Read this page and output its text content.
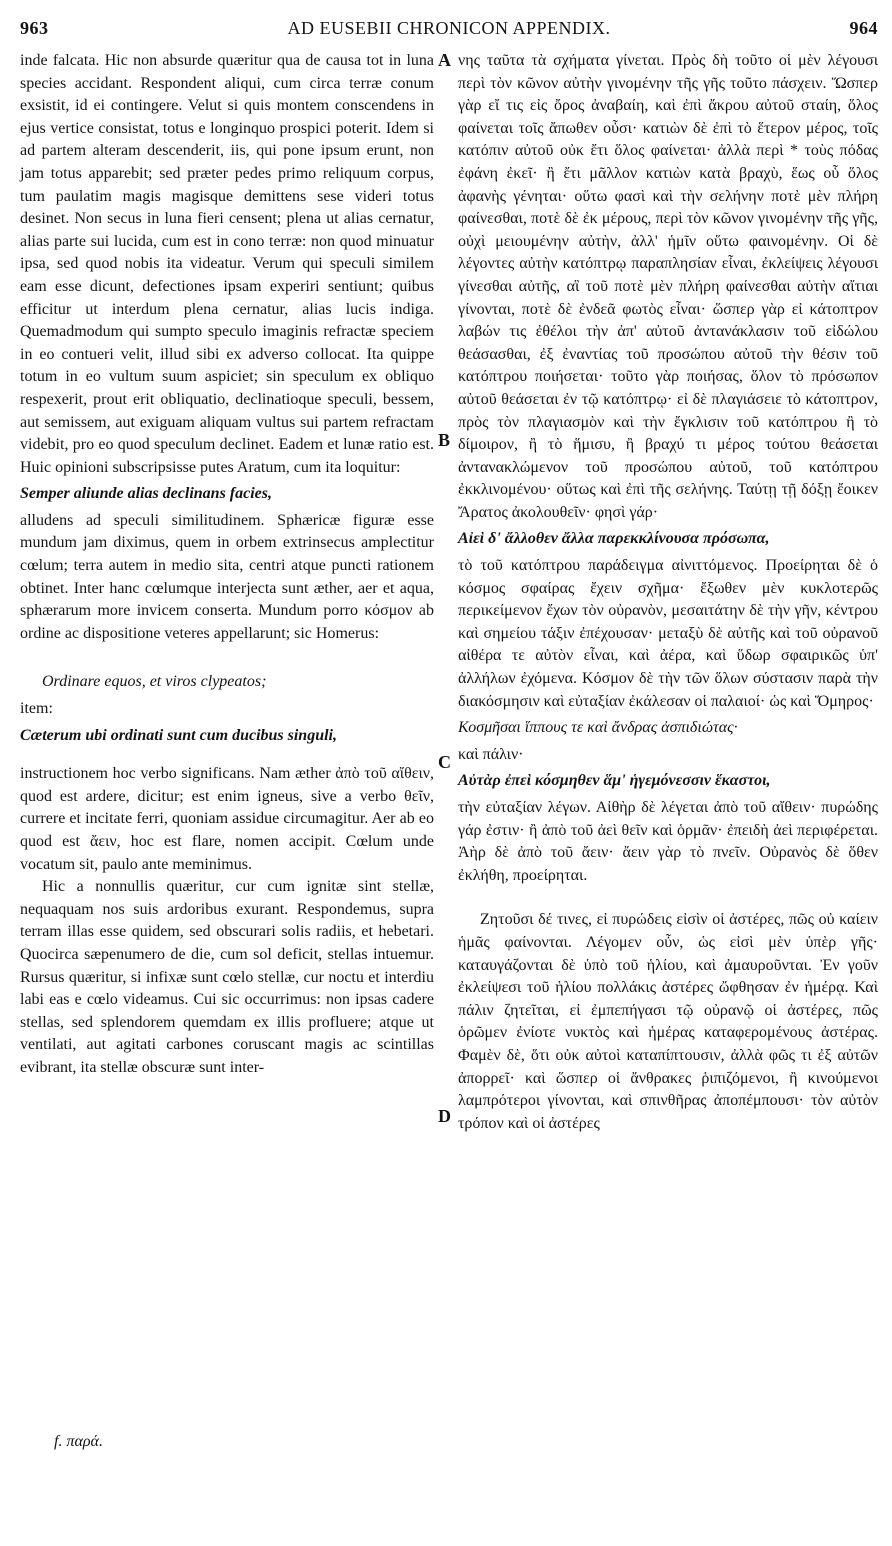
963	AD EUSEBII CHRONICON APPENDIX.	964

inde falcata. Hic non absurde quæritur qua de causa tot in luna species accidant. Respondent aliqui, cum circa terræ conum exsistit, id ei contingere. Velut si quis montem conscendens in ejus vertice consistat, totus e longinquo prospici poterit. Idem si ad partem alteram descenderit, iis, qui pone ipsum erunt, non jam totus apparebit; sed præter pedes primo reliquum corpus, tum paulatim magis magisque demittens sese videri totus desinet. Non secus in luna fieri censent; plena ut alias cernatur, alias parte sui lucida, cum est in cono terræ: non quod minuatur ipsa, sed quod nobis ita videatur. Verum qui speculi similem eam esse dicunt, defectiones ipsam experiri sentiunt; quibus efficitur ut interdum plena cernatur, alias lucis indiga. Quemadmodum qui sumpto speculo imaginis refractæ speciem in eo contueri velit, illud sibi ex adverso collocat. Ita quippe totum in eo vultum suum aspiciet; sin speculum ex obliquo respexerit, prout erit obliquatio, declinatioque speculi, bessem, aut semissem, aut exiguam aliquam vultus sui partem refractam videbit, pro eo quod speculum declinet. Eadem et lunæ ratio est. Huic opinioni subscripsisse putes Aratum, cum ita loquitur:

Semper aliunde alias declinans facies,

alludens ad speculi similitudinem. Sphæricæ figuræ esse mundum jam diximus, quem in orbem extrinsecus amplectitur cœlum; terra autem in medio sita, centri atque puncti rationem obtinet. Inter hanc cœlumque interjecta sunt æther, aer et aqua, sphærarum more invicem conserta. Mundum porro κόσμον ab ordine ac dispositione veteres appellarunt; sic Homerus:

Ordinare equos, et viros clypeatos;

item:

Cæterum ubi ordinati sunt cum ducibus singuli,

instructionem hoc verbo significans. Nam æther ἀπὸ τοῦ αἴθειν, quod est ardere, dicitur; est enim igneus, sive a verbo θεῖν, currere et incitate ferri, quoniam assidue circumagitur. Aer ab eo quod est ἄειν, hoc est flare, nomen accipit. Cœlum unde vocatum sit, paulo ante meminimus.

Hic a nonnullis quæritur, cur cum ignitæ sint stellæ, nequaquam nos suis ardoribus exurant. Respondemus, supra terram illas esse quidem, sed obscurari solis radiis, et hebetari. Quocirca sæpenumero de die, cum sol deficit, stellas intuemur. Rursus quæritur, si infixæ sunt cœlo stellæ, cur noctu et interdiu labi eas e cœlo videamus. Cui sic occurrimus: non ipsas cadere stellas, sed splendorem quemdam ex illis profluere; atque ut ventilati, aut agitati carbones coruscant magis ac scintillas evibrant, ita stellæ obscuræ sunt inter-

A
B
C
D

νης ταῦτα τὰ σχήματα γίνεται. Πρὸς δὴ τοῦτο οἱ μὲν λέγουσι περὶ τὸν κῶνον αὐτὴν γινομένην τῆς γῆς τοῦτο πάσχειν. Ὥσπερ γὰρ εἴ τις εἰς ὄρος ἀναβαίη, καὶ ἐπὶ ἄκρου αὐτοῦ σταίη, ὅλος φαίνεται τοῖς ἄπωθεν οὖσι· κατιὼν δὲ ἐπὶ τὸ ἕτερον μέρος, τοῖς κατόπιν αὐτοῦ οὐκ ἔτι ὅλος φαίνεται· ἀλλὰ περὶ * τοὺς πόδας ἐφάνη ἐκεῖ· ἢ ἔτι μᾶλλον κατιὼν κατὰ βραχὺ, ἕως οὗ ὅλος ἀφανὴς γένηται· οὕτω φασὶ καὶ τὴν σελήνην ποτὲ μὲν πλήρη φαίνεσθαι, ποτὲ δὲ ἐκ μέρους, περὶ τὸν κῶνον γινομένην τῆς γῆς, οὐχὶ μειουμένην αὐτὴν, ἀλλ' ἡμῖν οὕτω φαινομένην. Οἱ δὲ λέγοντες αὐτὴν κατόπτρῳ παραπλησίαν εἶναι, ἐκλείψεις λέγουσι γίνεσθαι αὐτῆς, αἳ τοῦ ποτὲ μὲν πλήρη φαίνεσθαι αὐτὴν αἴτιαι γίνονται, ποτὲ δὲ ἐνδεᾶ φωτὸς εἶναι· ὥσπερ γὰρ εἰ κάτοπτρον λαβών τις ἐθέλοι τὴν ἀπ' αὐτοῦ ἀντανάκλασιν τοῦ εἰδώλου θεάσασθαι, ἐξ ἐναντίας τοῦ προσώπου αὐτοῦ τὴν θέσιν τοῦ κατόπτρου ποιήσεται· τοῦτο γὰρ ποιήσας, ὅλον τὸ πρόσωπον αὐτοῦ θεάσεται ἐν τῷ κατόπτρῳ· εἰ δὲ πλαγιάσειε τὸ κάτοπτρον, πρὸς τὸν πλαγιασμὸν καὶ τὴν ἔγκλισιν τοῦ κατόπτρου ἢ τὸ δίμοιρον, ἢ τὸ ἥμισυ, ἢ βραχύ τι μέρος τούτου θεάσεται ἀντανακλώμενον τοῦ προσώπου αὐτοῦ, τοῦ κατόπτρου ἐκκλινομένου· οὕτως καὶ ἐπὶ τῆς σελήνης. Ταύτῃ τῇ δόξῃ ἔοικεν Ἄρατος ἀκολουθεῖν· φησὶ γάρ·

Αἰεὶ δ' ἄλλοθεν ἄλλα παρεκκλίνουσα πρόσωπα,

τὸ τοῦ κατόπτρου παράδειγμα αἰνιττόμενος. Προείρηται δὲ ὁ κόσμος σφαίρας ἔχειν σχῆμα· ἔξωθεν μὲν κυκλοτερῶς περικείμενον ἔχων τὸν οὐρανὸν, μεσαιτάτην δὲ τὴν γῆν, κέντρου καὶ σημείου τάξιν ἐπέχουσαν· μεταξὺ δὲ αὐτῆς καὶ τοῦ οὐρανοῦ αἰθέρα τε αὐτὸν εἶναι, καὶ ἀέρα, καὶ ὕδωρ σφαιρικῶς ὑπ' ἀλλήλων ἐχόμενα. Κόσμον δὲ τὴν τῶν ὅλων σύστασιν παρὰ τὴν διακόσμησιν καὶ εὐταξίαν ἐκάλεσαν οἱ παλαιοί· ὡς καὶ Ὅμηρος·

Κοσμῆσαι ἵππους τε καὶ ἄνδρας ἀσπιδιώτας·

καὶ πάλιν·

Αὐτὰρ ἐπεὶ κόσμηθεν ἅμ' ἡγεμόνεσσιν ἕκαστοι,

τὴν εὐταξίαν λέγων. Αἰθὴρ δὲ λέγεται ἀπὸ τοῦ αἴθειν· πυρώδης γάρ ἐστιν· ἢ ἀπὸ τοῦ ἀεὶ θεῖν καὶ ὁρμᾶν· ἐπειδὴ ἀεὶ περιφέρεται. Ἀὴρ δὲ ἀπὸ τοῦ ἄειν· ἄειν γὰρ τὸ πνεῖν. Οὐρανὸς δὲ ὅθεν ἐκλήθη, προείρηται.

Ζητοῦσι δέ τινες, εἰ πυρώδεις εἰσὶν οἱ ἀστέρες, πῶς οὐ καίειν ἡμᾶς φαίνονται. Λέγομεν οὖν, ὡς εἰσὶ μὲν ὑπὲρ γῆς· καταυγάζονται δὲ ὑπὸ τοῦ ἡλίου, καὶ ἀμαυροῦνται. Ἐν γοῦν ἐκλείψεσι τοῦ ἡλίου πολλάκις ἀστέρες ὤφθησαν ἐν ἡμέρᾳ. Καὶ πάλιν ζητεῖται, εἰ ἐμπεπήγασι τῷ οὐρανῷ οἱ ἀστέρες, πῶς ὁρῶμεν ἐνίοτε νυκτὸς καὶ ἡμέρας καταφερομένους ἀστέρας. Φαμὲν δὲ, ὅτι οὐκ αὐτοὶ καταπίπτουσιν, ἀλλὰ φῶς τι ἐξ αὐτῶν ἀπορρεῖ· καὶ ὥσπερ οἱ ἄνθρακες ῥιπιζόμενοι, ἢ κινούμενοι λαμπρότεροι γίνονται, καὶ σπινθῆρας ἀποπέμπουσι· τὸν αὐτὸν τρόπον καὶ οἱ ἀστέρες

f. παρά.
